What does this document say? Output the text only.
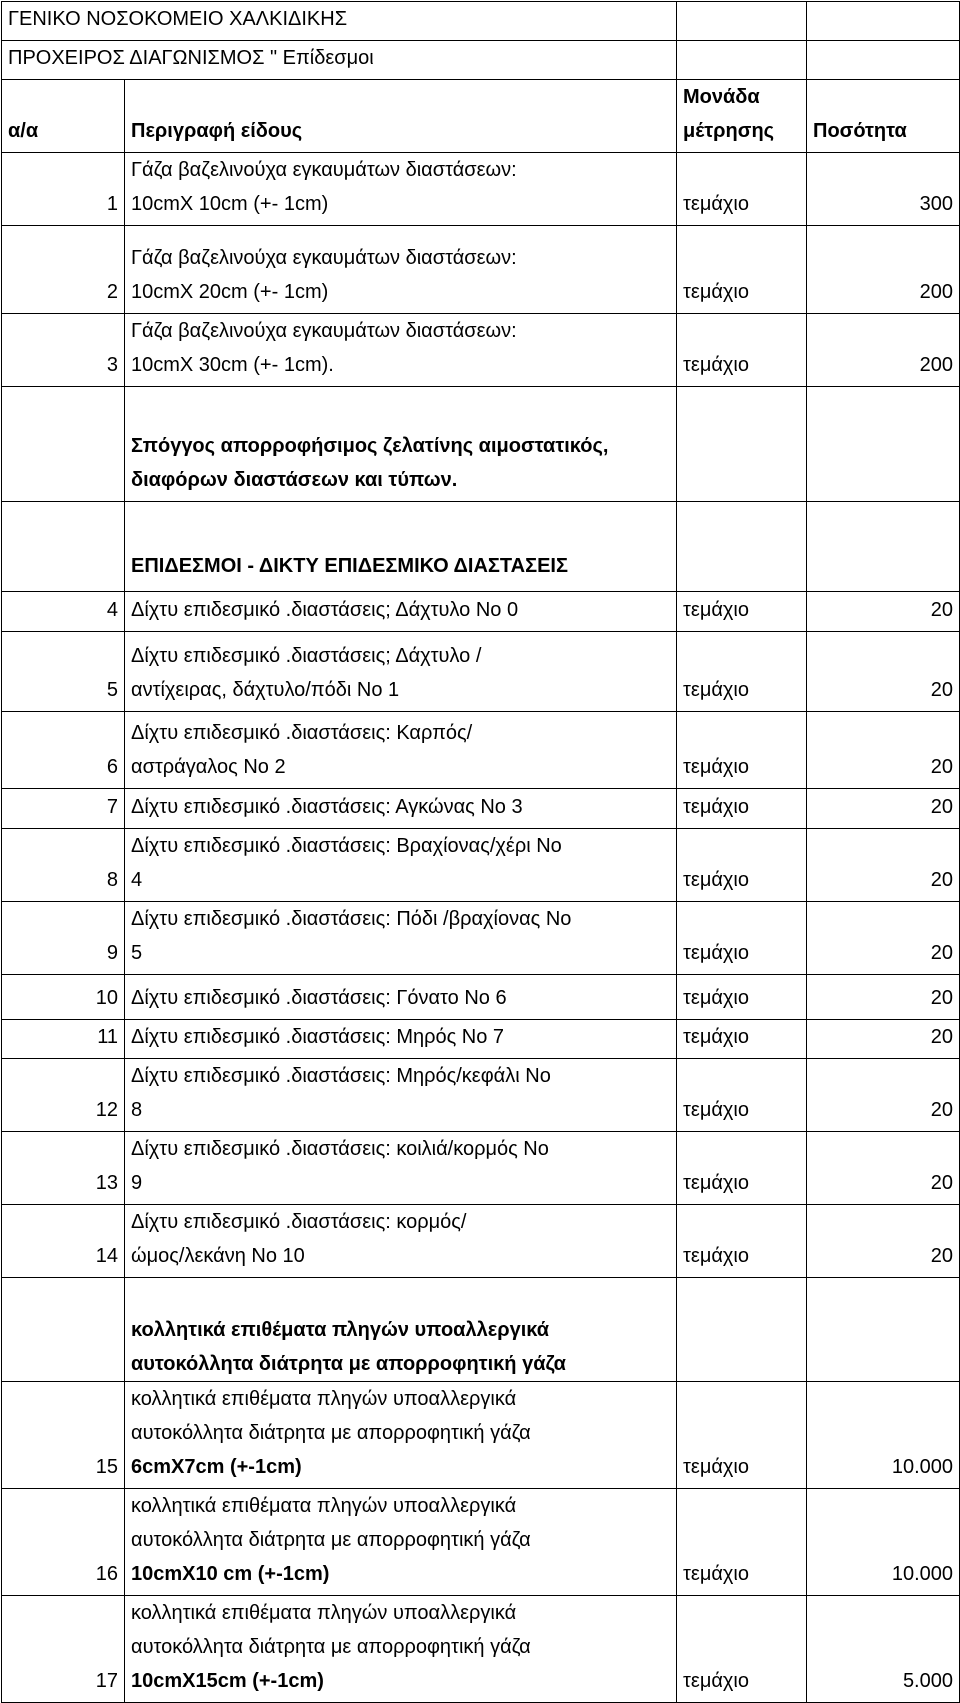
ΓΕΝΙΚΟ ΝΟΣΟΚΟΜΕΙΟ ΧΑΛΚΙΔΙΚΗΣ			
ΠΡΟΧΕΙΡΟΣ ΔΙΑΓΩΝΙΣΜΟΣ " Επίδεσμοι			
α/α	Περιγραφή είδους	Μονάδα
μέτρησης	Ποσότητα
1	Γάζα βαζελινούχα εγκαυμάτων διαστάσεων:
10cmX 10cm (+- 1cm)	τεμάχιο	300
2	Γάζα βαζελινούχα εγκαυμάτων διαστάσεων:
10cmX 20cm (+- 1cm)	τεμάχιο	200
3	Γάζα βαζελινούχα εγκαυμάτων διαστάσεων:
10cmX 30cm (+- 1cm).	τεμάχιο	200

	Σπόγγος απορροφήσιμος ζελατίνης αιμοστατικός,
διαφόρων διαστάσεων και τύπων.		

	ΕΠΙΔΕΣΜΟΙ - ΔΙΚΤΥ ΕΠΙΔΕΣΜΙΚΟ ΔΙΑΣΤΑΣΕΙΣ		
4	Δίχτυ επιδεσμικό .διαστάσεις; Δάχτυλο Νο 0	τεμάχιο	20
5	Δίχτυ επιδεσμικό .διαστάσεις; Δάχτυλο /
αντίχειρας, δάχτυλο/πόδι Νο 1	τεμάχιο	20
6	Δίχτυ επιδεσμικό .διαστάσεις: Καρπός/
αστράγαλος Νο 2	τεμάχιο	20
7	Δίχτυ επιδεσμικό .διαστάσεις: Αγκώνας Νο 3	τεμάχιο	20
8	Δίχτυ επιδεσμικό .διαστάσεις: Βραχίονας/χέρι Νο
4	τεμάχιο	20
9	Δίχτυ επιδεσμικό .διαστάσεις: Πόδι /βραχίονας Νο
5	τεμάχιο	20
10	Δίχτυ επιδεσμικό .διαστάσεις: Γόνατο Νο 6	τεμάχιο	20
11	Δίχτυ επιδεσμικό .διαστάσεις: Μηρός Νο 7	τεμάχιο	20
12	Δίχτυ επιδεσμικό .διαστάσεις: Μηρός/κεφάλι Νο
8	τεμάχιο	20
13	Δίχτυ επιδεσμικό .διαστάσεις: κοιλιά/κορμός Νο
9	τεμάχιο	20
14	Δίχτυ επιδεσμικό .διαστάσεις: κορμός/
ώμος/λεκάνη Νο 10	τεμάχιο	20

	κολλητικά επιθέματα πληγών υποαλλεργικά
αυτοκόλλητα διάτρητα με απορροφητική γάζα		

15	κολλητικά επιθέματα πληγών υποαλλεργικά
αυτοκόλλητα διάτρητα με απορροφητική γάζα
6cmX7cm (+-1cm)	τεμάχιο	10.000
16	κολλητικά επιθέματα πληγών υποαλλεργικά
αυτοκόλλητα διάτρητα με απορροφητική γάζα
10cmX10 cm (+-1cm)	τεμάχιο	10.000
17	κολλητικά επιθέματα πληγών υποαλλεργικά
αυτοκόλλητα διάτρητα με απορροφητική γάζα
10cmX15cm (+-1cm)	τεμάχιο	5.000
